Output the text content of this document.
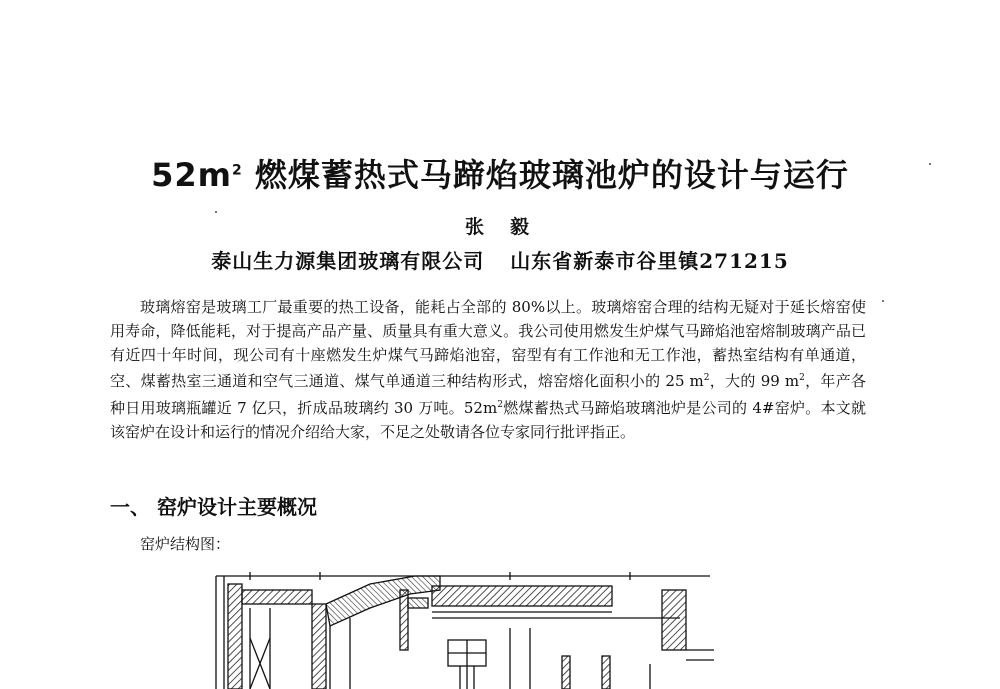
$52m^2$ 燃煤蓄热式马蹄焰玻璃池炉的设计与运行
张毅
泰山生力源集团玻璃有限公司 山东省新泰市谷里镇271215

玻璃熔窑是玻璃工厂最重要的热工设备，能耗占全部的 80%以上。玻璃熔窑合理的结构无疑对于延长熔窑使用寿命，降低能耗，对于提高产品产量、质量具有重大意义。我公司使用燃发生炉煤气马蹄焰池窑熔制玻璃产品已有近四十年时间，现公司有十座燃发生炉煤气马蹄焰池窑，窑型有有工作池和无工作池，蓄热室结构有单通道，空、煤蓄热室三通道和空气三通道、煤气单通道三种结构形式，熔窑熔化面积小的 25 $m^2$，大的 99 $m^2$，年产各种日用玻璃瓶罐近 7 亿只，折成品玻璃约 30 万吨。$52m^2$燃煤蓄热式马蹄焰玻璃池炉是公司的 4#窑炉。本文就该窑炉在设计和运行的情况介绍给大家，不足之处敬请各位专家同行批评指正。

一、 窑炉设计主要概况
窑炉结构图：
